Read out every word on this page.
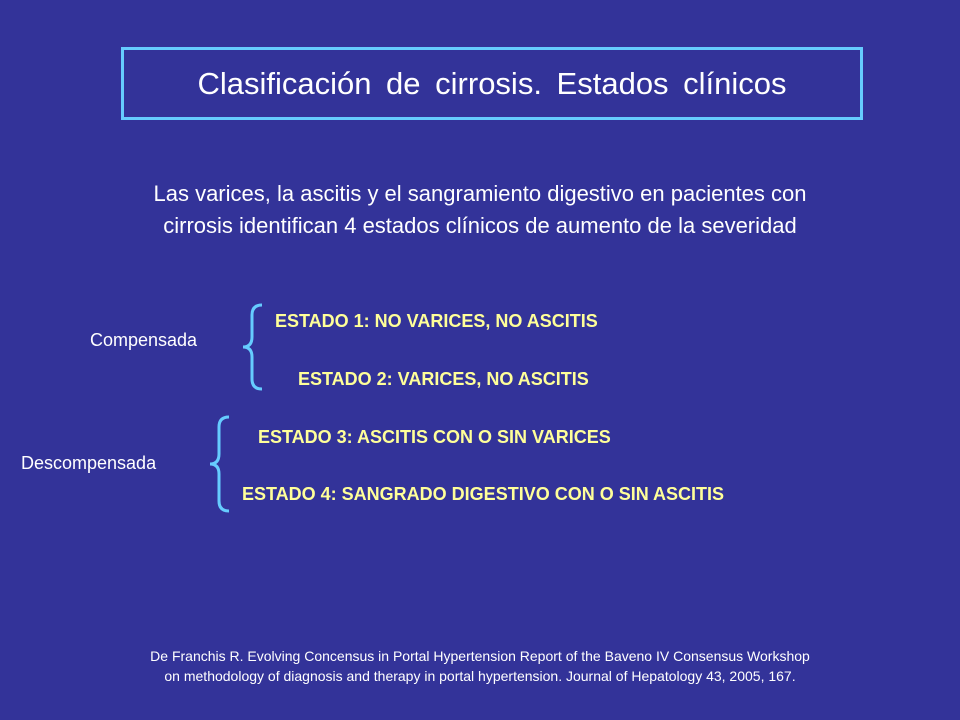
Clasificación de cirrosis. Estados clínicos
Las varices, la ascitis y el sangramiento digestivo en pacientes con
cirrosis identifican 4 estados clínicos de aumento de la severidad
Compensada
ESTADO 1: NO VARICES, NO ASCITIS
ESTADO 2: VARICES, NO ASCITIS
Descompensada
ESTADO 3: ASCITIS CON O SIN VARICES
ESTADO 4: SANGRADO DIGESTIVO CON O SIN ASCITIS
De Franchis R. Evolving Concensus in Portal Hypertension Report of the Baveno IV Consensus Workshop
on methodology of diagnosis and therapy in portal hypertension. Journal of Hepatology 43, 2005, 167.
